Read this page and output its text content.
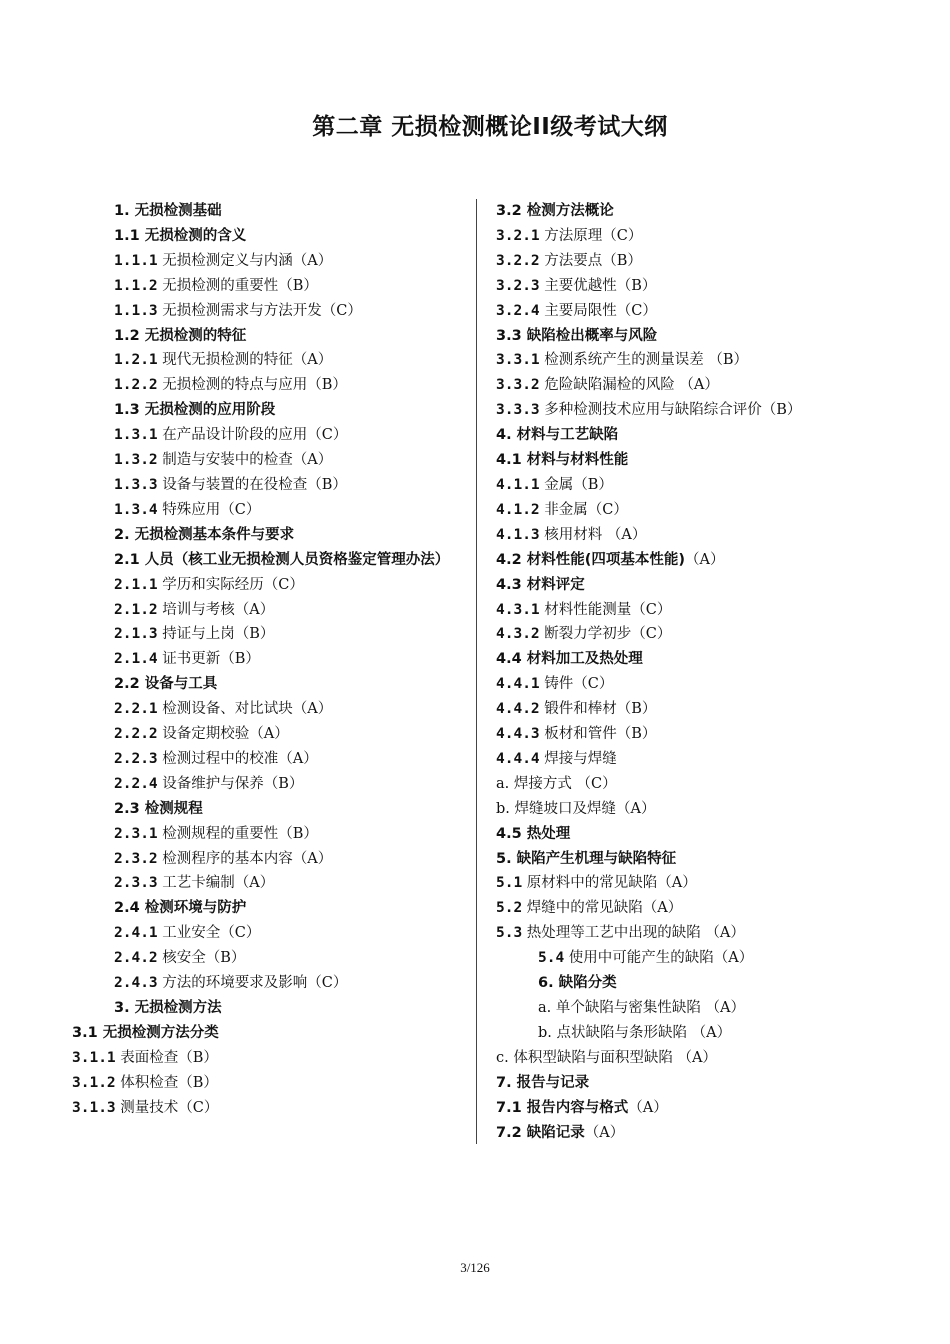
第二章 无损检测概论II级考试大纲

1. 无损检测基础

1.1 无损检测的含义

1.1.1 无损检测定义与内涵（A）

1.1.2 无损检测的重要性（B）

1.1.3 无损检测需求与方法开发（C）

1.2 无损检测的特征

1.2.1 现代无损检测的特征（A）

1.2.2 无损检测的特点与应用（B）

1.3 无损检测的应用阶段

1.3.1 在产品设计阶段的应用（C）

1.3.2 制造与安装中的检查（A）

1.3.3 设备与装置的在役检查（B）

1.3.4 特殊应用（C）

2. 无损检测基本条件与要求

2.1 人员（核工业无损检测人员资格鉴定管理办法）

2.1.1 学历和实际经历（C）

2.1.2 培训与考核（A）

2.1.3 持证与上岗（B）

2.1.4 证书更新（B）

2.2 设备与工具

2.2.1 检测设备、对比试块（A）

2.2.2 设备定期校验（A）

2.2.3 检测过程中的校准（A）

2.2.4 设备维护与保养（B）

2.3 检测规程

2.3.1 检测规程的重要性（B）

2.3.2 检测程序的基本内容（A）

2.3.3 工艺卡编制（A）

2.4 检测环境与防护

2.4.1 工业安全（C）

2.4.2 核安全（B）

2.4.3 方法的环境要求及影响（C）

3. 无损检测方法

3.1 无损检测方法分类

3.1.1 表面检查（B）

3.1.2 体积检查（B）

3.1.3 测量技术（C）

3.2 检测方法概论

3.2.1 方法原理（C）

3.2.2 方法要点（B）

3.2.3 主要优越性（B）

3.2.4 主要局限性（C）

3.3 缺陷检出概率与风险

3.3.1 检测系统产生的测量误差 （B）

3.3.2 危险缺陷漏检的风险 （A）

3.3.3 多种检测技术应用与缺陷综合评价（B）

4. 材料与工艺缺陷

4.1 材料与材料性能

4.1.1 金属（B）

4.1.2 非金属（C）

4.1.3 核用材料 （A）

4.2 材料性能(四项基本性能)（A）

4.3 材料评定

4.3.1 材料性能测量（C）

4.3.2 断裂力学初步（C）

4.4 材料加工及热处理

4.4.1 铸件（C）

4.4.2 锻件和棒材（B）

4.4.3 板材和管件（B）

4.4.4 焊接与焊缝

a. 焊接方式 （C）

b. 焊缝坡口及焊缝（A）

4.5 热处理

5. 缺陷产生机理与缺陷特征

5.1 原材料中的常见缺陷（A）

5.2 焊缝中的常见缺陷（A）

5.3 热处理等工艺中出现的缺陷 （A）

5.4 使用中可能产生的缺陷（A）

6. 缺陷分类

a. 单个缺陷与密集性缺陷 （A）

b. 点状缺陷与条形缺陷 （A）

c. 体积型缺陷与面积型缺陷 （A）

7. 报告与记录

7.1 报告内容与格式（A）

7.2 缺陷记录（A）

3/126
